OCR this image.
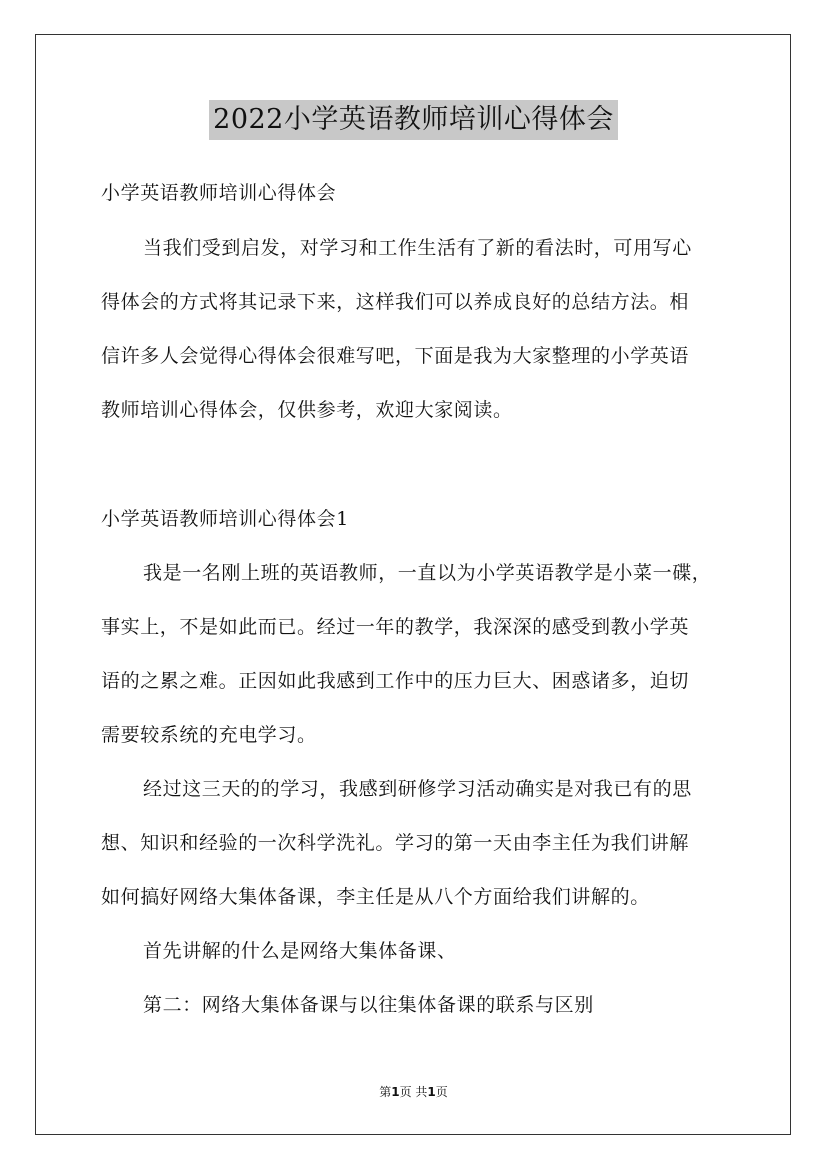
2022小学英语教师培训心得体会
小学英语教师培训心得体会
当我们受到启发，对学习和工作生活有了新的看法时，可用写心
得体会的方式将其记录下来，这样我们可以养成良好的总结方法。相
信许多人会觉得心得体会很难写吧，下面是我为大家整理的小学英语
教师培训心得体会，仅供参考，欢迎大家阅读。
小学英语教师培训心得体会1
我是一名刚上班的英语教师，一直以为小学英语教学是小菜一碟，
事实上，不是如此而已。经过一年的教学，我深深的感受到教小学英
语的之累之难。正因如此我感到工作中的压力巨大、困惑诸多，迫切
需要较系统的充电学习。
经过这三天的的学习，我感到研修学习活动确实是对我已有的思
想、知识和经验的一次科学洗礼。学习的第一天由李主任为我们讲解
如何搞好网络大集体备课，李主任是从八个方面给我们讲解的。
首先讲解的什么是网络大集体备课、
第二：网络大集体备课与以往集体备课的联系与区别
第1页 共1页
